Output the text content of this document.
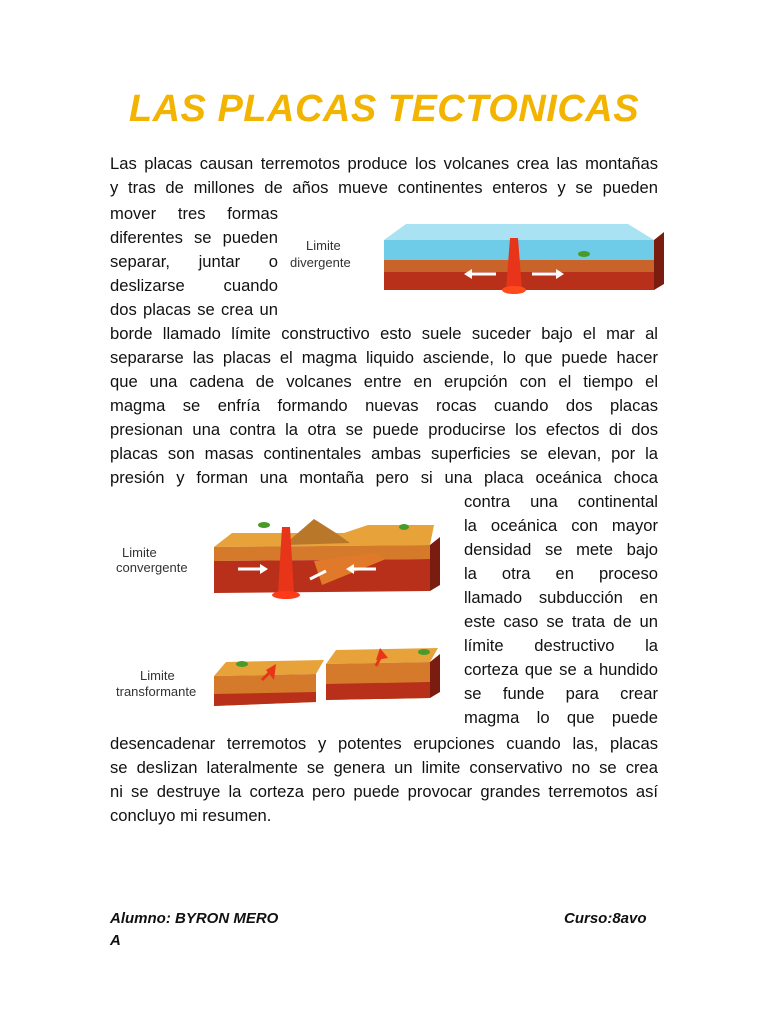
LAS PLACAS TECTONICAS

Las placas causan terremotos produce los volcanes crea las montañas

y tras de millones de años mueve continentes enteros y se pueden

mover tres formas

diferentes se pueden

separar, juntar o

deslizarse cuando

dos placas se crea un

Limite
divergente

borde llamado límite constructivo esto suele suceder bajo el mar al

separarse las placas el magma liquido asciende, lo que puede hacer

que una cadena de volcanes entre en erupción con el tiempo el

magma se enfría formando nuevas rocas cuando dos placas

presionan una contra la otra se puede producirse los efectos di dos

placas son masas continentales ambas superficies se elevan, por la

presión y forman una montaña pero si una placa oceánica choca

Limite
convergente

contra una continental

la oceánica con mayor

densidad se mete bajo

la otra en proceso

llamado subducción en

este caso se trata de un

límite destructivo la

corteza que se a hundido

se funde para crear

magma lo que puede

Limite
transformante

desencadenar terremotos y potentes erupciones cuando las, placas

se deslizan lateralmente se genera un limite conservativo no se crea

ni se destruye la corteza pero puede provocar grandes terremotos así

concluyo mi resumen.

Alumno: BYRON MERO
A
Curso:8avo
